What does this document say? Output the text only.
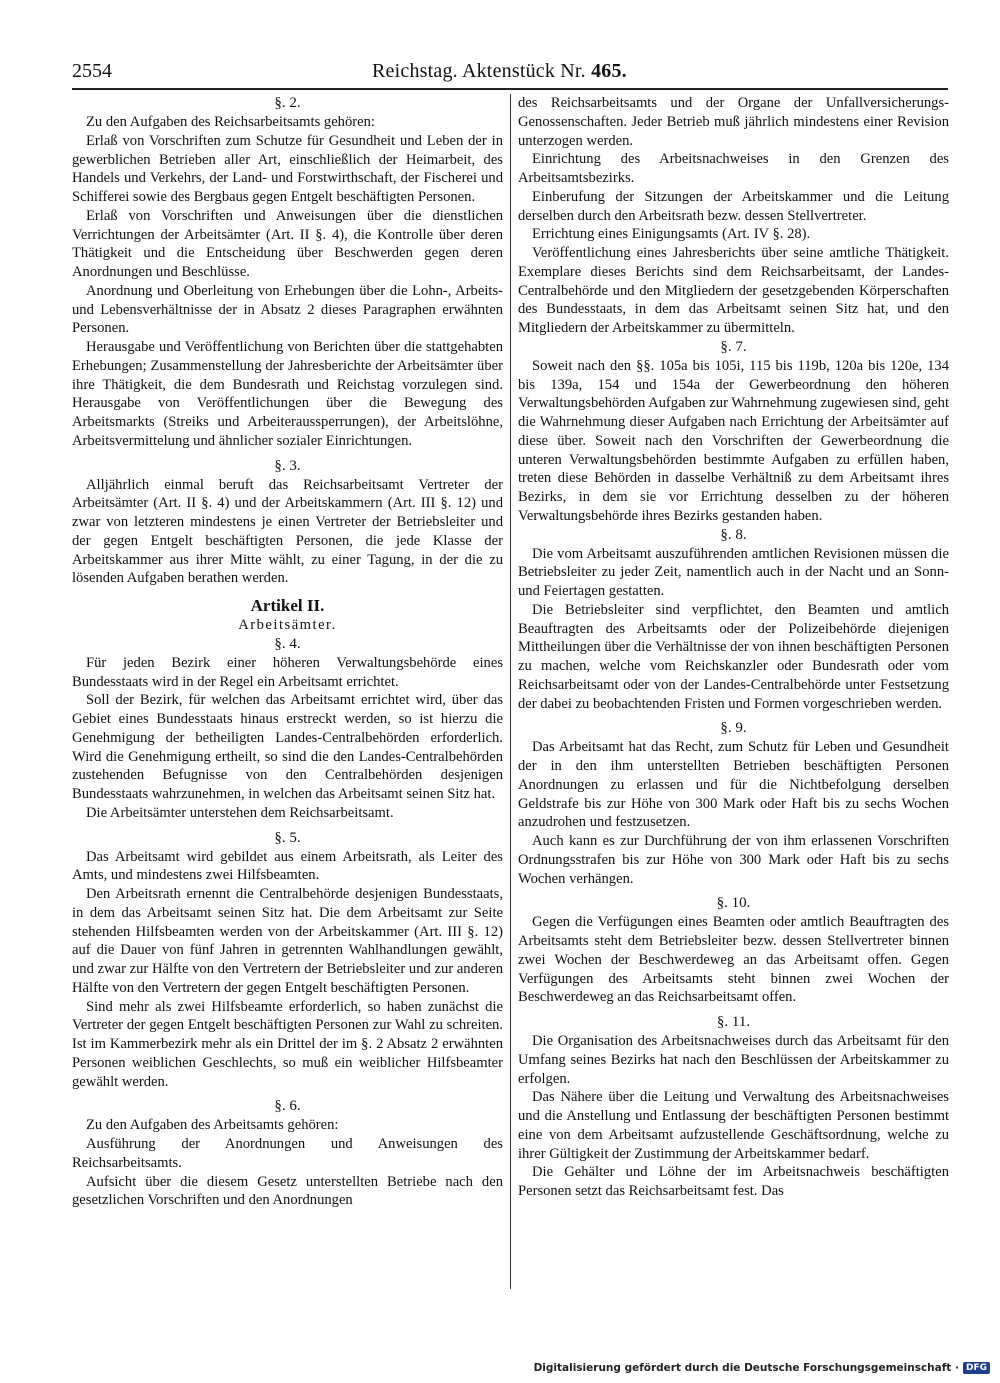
2554	Reichstag. Aktenstück Nr. 465.

§. 2.

Zu den Aufgaben des Reichsarbeitsamts gehören:

Erlaß von Vorschriften zum Schutze für Gesundheit und Leben der in gewerblichen Betrieben aller Art, einschließlich der Heimarbeit, des Handels und Verkehrs, der Land- und Forstwirthschaft, der Fischerei und Schifferei sowie des Bergbaus gegen Entgelt beschäftigten Personen.

Erlaß von Vorschriften und Anweisungen über die dienstlichen Verrichtungen der Arbeitsämter (Art. II §. 4), die Kontrolle über deren Thätigkeit und die Entscheidung über Beschwerden gegen deren Anordnungen und Beschlüsse.

Anordnung und Oberleitung von Erhebungen über die Lohn-, Arbeits- und Lebensverhältnisse der in Absatz 2 dieses Paragraphen erwähnten Personen.

Herausgabe und Veröffentlichung von Berichten über die stattgehabten Erhebungen; Zusammenstellung der Jahresberichte der Arbeitsämter über ihre Thätigkeit, die dem Bundesrath und Reichstag vorzulegen sind. Herausgabe von Veröffentlichungen über die Bewegung des Arbeitsmarkts (Streiks und Arbeiteraussperrungen), der Arbeitslöhne, Arbeitsvermittelung und ähnlicher sozialer Einrichtungen.

§. 3.

Alljährlich einmal beruft das Reichsarbeitsamt Vertreter der Arbeitsämter (Art. II §. 4) und der Arbeitskammern (Art. III §. 12) und zwar von letzteren mindestens je einen Vertreter der Betriebsleiter und der gegen Entgelt beschäftigten Personen, die jede Klasse der Arbeitskammer aus ihrer Mitte wählt, zu einer Tagung, in der die zu lösenden Aufgaben berathen werden.

Artikel II.

Arbeitsämter.

§. 4.

Für jeden Bezirk einer höheren Verwaltungsbehörde eines Bundesstaats wird in der Regel ein Arbeitsamt errichtet.

Soll der Bezirk, für welchen das Arbeitsamt errichtet wird, über das Gebiet eines Bundesstaats hinaus erstreckt werden, so ist hierzu die Genehmigung der betheiligten Landes-Centralbehörden erforderlich. Wird die Genehmigung ertheilt, so sind die den Landes-Centralbehörden zustehenden Befugnisse von den Centralbehörden desjenigen Bundesstaats wahrzunehmen, in welchen das Arbeitsamt seinen Sitz hat.

Die Arbeitsämter unterstehen dem Reichsarbeitsamt.

§. 5.

Das Arbeitsamt wird gebildet aus einem Arbeitsrath, als Leiter des Amts, und mindestens zwei Hilfsbeamten.

Den Arbeitsrath ernennt die Centralbehörde desjenigen Bundesstaats, in dem das Arbeitsamt seinen Sitz hat. Die dem Arbeitsamt zur Seite stehenden Hilfsbeamten werden von der Arbeitskammer (Art. III §. 12) auf die Dauer von fünf Jahren in getrennten Wahlhandlungen gewählt, und zwar zur Hälfte von den Vertretern der Betriebsleiter und zur anderen Hälfte von den Vertretern der gegen Entgelt beschäftigten Personen.

Sind mehr als zwei Hilfsbeamte erforderlich, so haben zunächst die Vertreter der gegen Entgelt beschäftigten Personen zur Wahl zu schreiten. Ist im Kammerbezirk mehr als ein Drittel der im §. 2 Absatz 2 erwähnten Personen weiblichen Geschlechts, so muß ein weiblicher Hilfsbeamter gewählt werden.

§. 6.

Zu den Aufgaben des Arbeitsamts gehören:

Ausführung der Anordnungen und Anweisungen des Reichsarbeitsamts.

Aufsicht über die diesem Gesetz unterstellten Betriebe nach den gesetzlichen Vorschriften und den Anordnungen

des Reichsarbeitsamts und der Organe der Unfallversicherungs-Genossenschaften. Jeder Betrieb muß jährlich mindestens einer Revision unterzogen werden.

Einrichtung des Arbeitsnachweises in den Grenzen des Arbeitsamtsbezirks.

Einberufung der Sitzungen der Arbeitskammer und die Leitung derselben durch den Arbeitsrath bezw. dessen Stellvertreter.

Errichtung eines Einigungsamts (Art. IV §. 28).

Veröffentlichung eines Jahresberichts über seine amtliche Thätigkeit. Exemplare dieses Berichts sind dem Reichsarbeitsamt, der Landes-Centralbehörde und den Mitgliedern der gesetzgebenden Körperschaften des Bundesstaats, in dem das Arbeitsamt seinen Sitz hat, und den Mitgliedern der Arbeitskammer zu übermitteln.

§. 7.

Soweit nach den §§. 105a bis 105i, 115 bis 119b, 120a bis 120e, 134 bis 139a, 154 und 154a der Gewerbeordnung den höheren Verwaltungsbehörden Aufgaben zur Wahrnehmung zugewiesen sind, geht die Wahrnehmung dieser Aufgaben nach Errichtung der Arbeitsämter auf diese über. Soweit nach den Vorschriften der Gewerbeordnung die unteren Verwaltungsbehörden bestimmte Aufgaben zu erfüllen haben, treten diese Behörden in dasselbe Verhältniß zu dem Arbeitsamt ihres Bezirks, in dem sie vor Errichtung desselben zu der höheren Verwaltungsbehörde ihres Bezirks gestanden haben.

§. 8.

Die vom Arbeitsamt auszuführenden amtlichen Revisionen müssen die Betriebsleiter zu jeder Zeit, namentlich auch in der Nacht und an Sonn- und Feiertagen gestatten.

Die Betriebsleiter sind verpflichtet, den Beamten und amtlich Beauftragten des Arbeitsamts oder der Polizeibehörde diejenigen Mittheilungen über die Verhältnisse der von ihnen beschäftigten Personen zu machen, welche vom Reichskanzler oder Bundesrath oder vom Reichsarbeitsamt oder von der Landes-Centralbehörde unter Festsetzung der dabei zu beobachtenden Fristen und Formen vorgeschrieben werden.

§. 9.

Das Arbeitsamt hat das Recht, zum Schutz für Leben und Gesundheit der in den ihm unterstellten Betrieben beschäftigten Personen Anordnungen zu erlassen und für die Nichtbefolgung derselben Geldstrafe bis zur Höhe von 300 Mark oder Haft bis zu sechs Wochen anzudrohen und festzusetzen.

Auch kann es zur Durchführung der von ihm erlassenen Vorschriften Ordnungsstrafen bis zur Höhe von 300 Mark oder Haft bis zu sechs Wochen verhängen.

§. 10.

Gegen die Verfügungen eines Beamten oder amtlich Beauftragten des Arbeitsamts steht dem Betriebsleiter bezw. dessen Stellvertreter binnen zwei Wochen der Beschwerdeweg an das Arbeitsamt offen. Gegen Verfügungen des Arbeitsamts steht binnen zwei Wochen der Beschwerdeweg an das Reichsarbeitsamt offen.

§. 11.

Die Organisation des Arbeitsnachweises durch das Arbeitsamt für den Umfang seines Bezirks hat nach den Beschlüssen der Arbeitskammer zu erfolgen.

Das Nähere über die Leitung und Verwaltung des Arbeitsnachweises und die Anstellung und Entlassung der beschäftigten Personen bestimmt eine von dem Arbeitsamt aufzustellende Geschäftsordnung, welche zu ihrer Gültigkeit der Zustimmung der Arbeitskammer bedarf.

Die Gehälter und Löhne der im Arbeitsnachweis beschäftigten Personen setzt das Reichsarbeitsamt fest. Das

Digitalisierung gefördert durch die Deutsche Forschungsgemeinschaft · DFG
